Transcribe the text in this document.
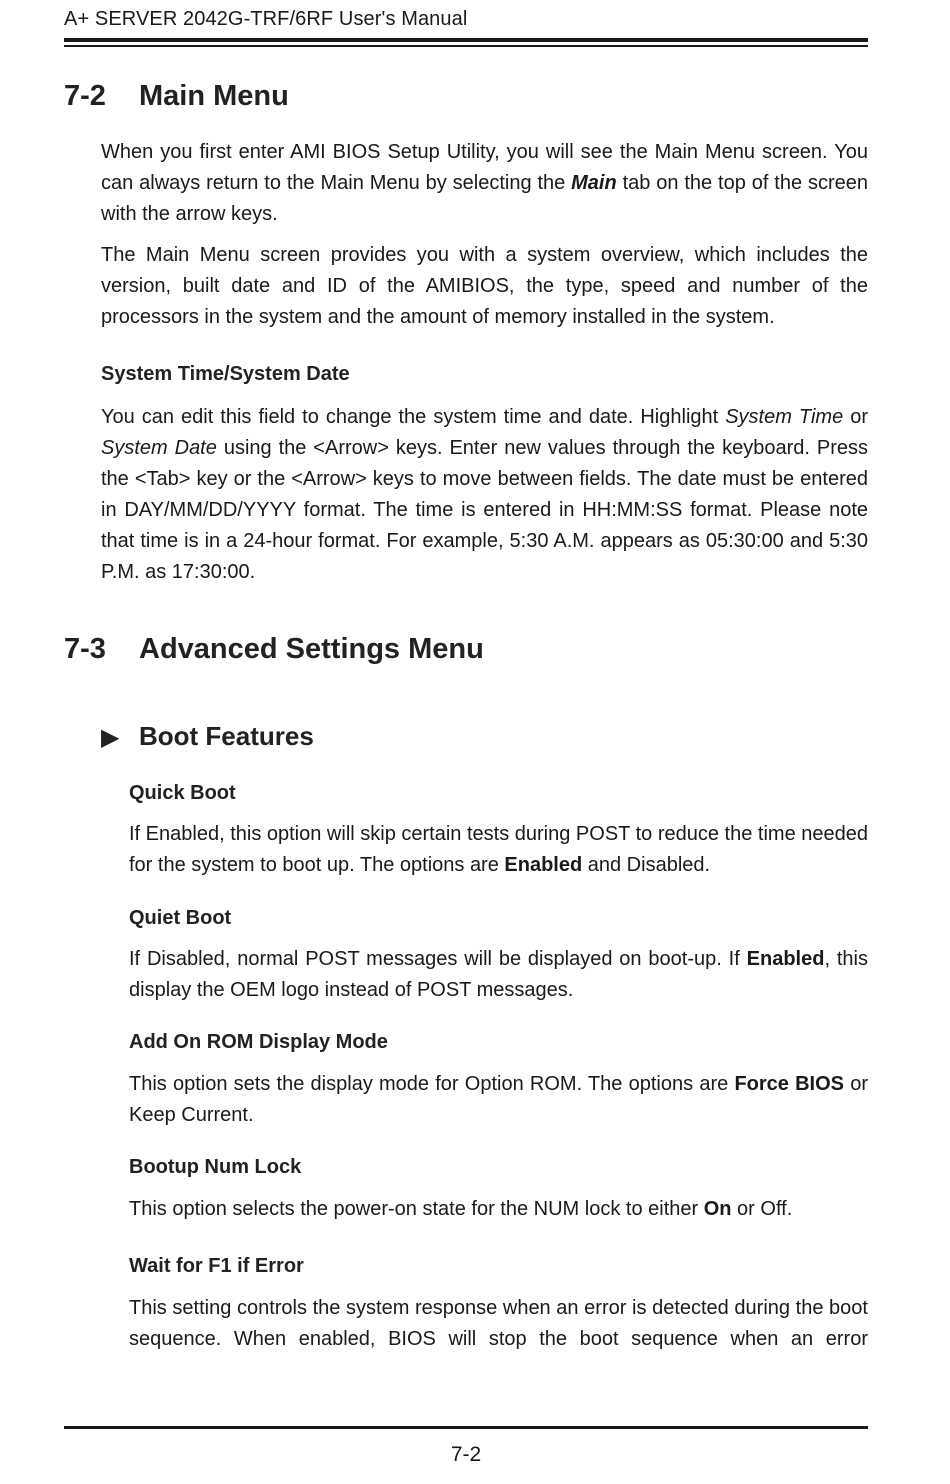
A+ SERVER 2042G-TRF/6RF User's Manual
7-2 Main Menu

When you first enter AMI BIOS Setup Utility, you will see the Main Menu screen. You can always return to the Main Menu by selecting the Main tab on the top of the screen with the arrow keys.

The Main Menu screen provides you with a system overview, which includes the version, built date and ID of the AMIBIOS, the type, speed and number of the processors in the system and the amount of memory installed in the system.

System Time/System Date

You can edit this field to change the system time and date. Highlight System Time or System Date using the <Arrow> keys. Enter new values through the keyboard. Press the <Tab> key or the <Arrow> keys to move between fields. The date must be entered in DAY/MM/DD/YYYY format. The time is entered in HH:MM:SS format. Please note that time is in a 24-hour format. For example, 5:30 A.M. appears as 05:30:00 and 5:30 P.M. as 17:30:00.

7-3 Advanced Settings Menu
▶ Boot Features
Quick Boot

If Enabled, this option will skip certain tests during POST to reduce the time needed for the system to boot up. The options are Enabled and Disabled.

Quiet Boot

If Disabled, normal POST messages will be displayed on boot-up. If Enabled, this display the OEM logo instead of POST messages.

Add On ROM Display Mode

This option sets the display mode for Option ROM. The options are Force BIOS or Keep Current.

Bootup Num Lock

This option selects the power-on state for the NUM lock to either On or Off.

Wait for F1 if Error

This setting controls the system response when an error is detected during the boot sequence. When enabled, BIOS will stop the boot sequence when an error

7-2
